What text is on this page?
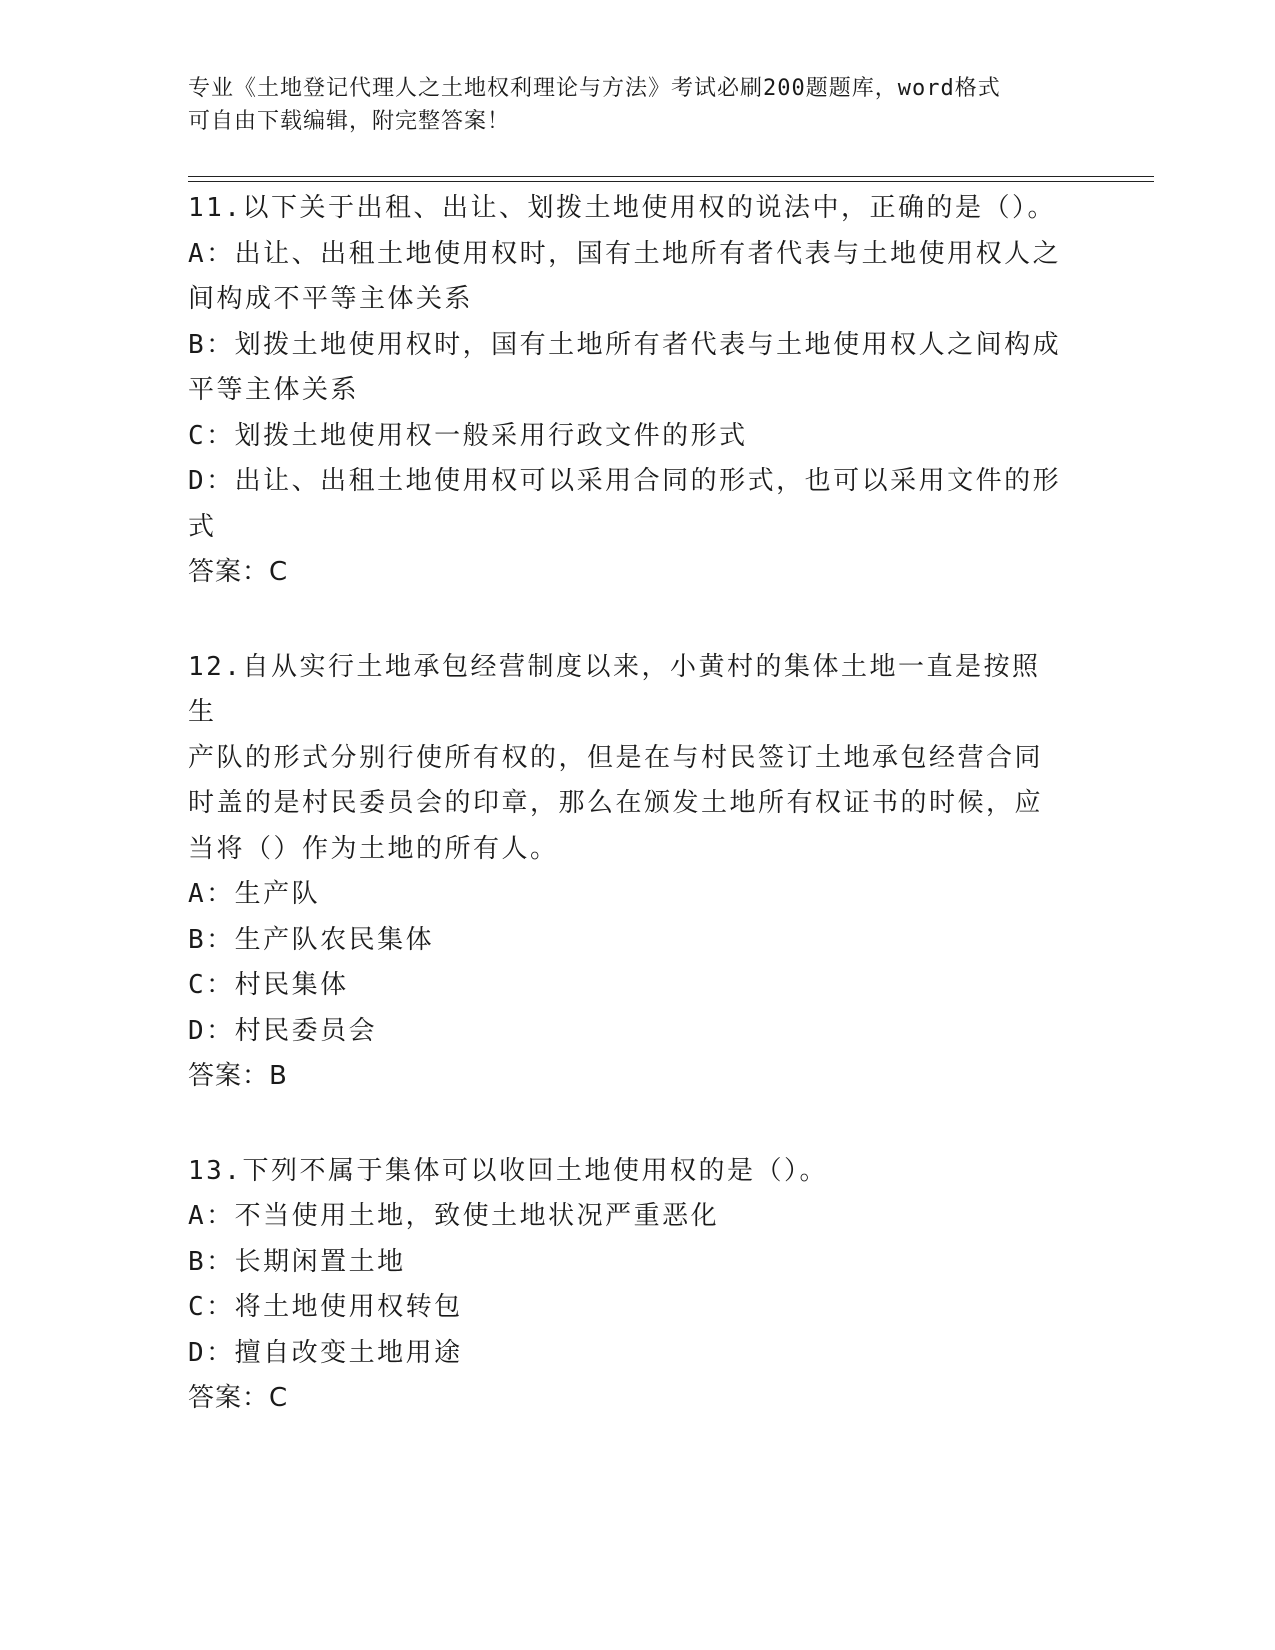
专业《土地登记代理人之土地权利理论与方法》考试必刷200题题库，word格式
可自由下载编辑，附完整答案！
11.以下关于出租、出让、划拨土地使用权的说法中，正确的是（）。
A：出让、出租土地使用权时，国有土地所有者代表与土地使用权人之
间构成不平等主体关系
B：划拨土地使用权时，国有土地所有者代表与土地使用权人之间构成
平等主体关系
C：划拨土地使用权一般采用行政文件的形式
D：出让、出租土地使用权可以采用合同的形式，也可以采用文件的形
式
答案：C
12.自从实行土地承包经营制度以来，小黄村的集体土地一直是按照生
产队的形式分别行使所有权的，但是在与村民签订土地承包经营合同
时盖的是村民委员会的印章，那么在颁发土地所有权证书的时候，应
当将（）作为土地的所有人。
A：生产队
B：生产队农民集体
C：村民集体
D：村民委员会
答案：B
13.下列不属于集体可以收回土地使用权的是（）。
A：不当使用土地，致使土地状况严重恶化
B：长期闲置土地
C：将土地使用权转包
D：擅自改变土地用途
答案：C
